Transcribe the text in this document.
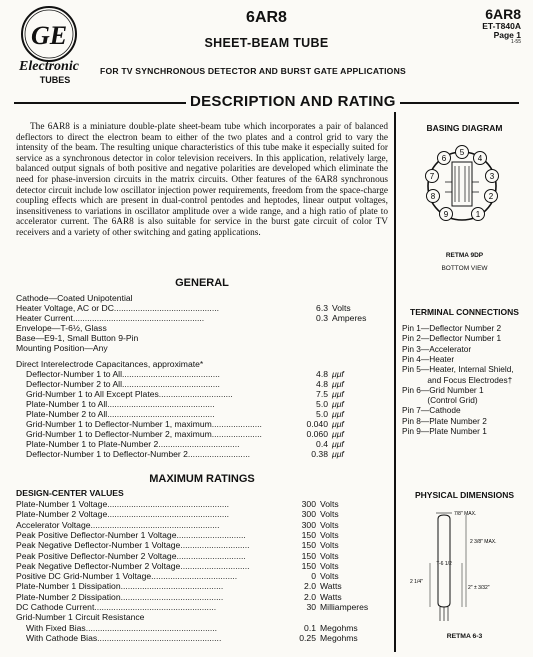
GE
Electronic
TUBES
6AR8
SHEET-BEAM TUBE
FOR TV SYNCHRONOUS DETECTOR AND BURST GATE APPLICATIONS
6AR8
ET-T840A
Page 1
1-55
DESCRIPTION AND RATING
The 6AR8 is a miniature double-plate sheet-beam tube which incorporates a pair of balanced deflectors to direct the electron beam to either of the two plates and a control grid to vary the intensity of the beam. The resulting unique characteristics of this tube make it especially suited for service as a synchronous detector in color television receivers. In this application, relatively large, balanced output signals of both positive and negative polarities are developed which eliminate the need for phase-inversion circuits in the matrix circuits. Other features of the 6AR8 synchronous detector circuit include low oscillator injection power requirements, freedom from the space-charge coupling effects which are present in dual-control pentodes and heptodes, linear output voltages, insensitiveness to variations in oscillator amplitude over a wide range, and a high ratio of plate to accelerator current. The 6AR8 is also suitable for service in the burst gate circuit of color TV receivers and a variety of other switching and gating applications.
GENERAL
Cathode—Coated Unipotential
Heater Voltage, AC or DC............................................	6.3 Volts
Heater Current.......................................................	0.3 Amperes
Envelope—T-6½, Glass
Base—E9-1, Small Button 9-Pin
Mounting Position—Any
Direct Interelectrode Capacitances, approximate*
Deflector-Number 1 to All.........................................	4.8 μμf
Deflector-Number 2 to All.........................................	4.8 μμf
Grid-Number 1 to All Except Plates...............................	7.5 μμf
Plate-Number 1 to All.............................................	5.0 μμf
Plate-Number 2 to All.............................................	5.0 μμf
Grid-Number 1 to Deflector-Number 1, maximum.....................	0.040 μμf
Grid-Number 1 to Deflector-Number 2, maximum.....................	0.060 μμf
Plate-Number 1 to Plate-Number 2..................................	0.4 μμf
Deflector-Number 1 to Deflector-Number 2..........................	0.38 μμf
MAXIMUM RATINGS
DESIGN-CENTER VALUES
Plate-Number 1 Voltage...................................................	300 Volts
Plate-Number 2 Voltage...................................................	300 Volts
Accelerator Voltage......................................................	300 Volts
Peak Positive Deflector-Number 1 Voltage.............................	150 Volts
Peak Negative Deflector-Number 1 Voltage.............................	150 Volts
Peak Positive Deflector-Number 2 Voltage.............................	150 Volts
Peak Negative Deflector-Number 2 Voltage.............................	150 Volts
Positive DC Grid-Number 1 Voltage....................................	0 Volts
Plate-Number 1 Dissipation...........................................	2.0 Watts
Plate-Number 2 Dissipation...........................................	2.0 Watts
DC Cathode Current...................................................	30 Milliamperes
Grid-Number 1 Circuit Resistance
With Fixed Bias.......................................................	0.1 Megohms
With Cathode Bias....................................................	0.25 Megohms
BASING DIAGRAM
1
2
3
4
5
6
7
8
9
RETMA 9DP
BOTTOM VIEW
TERMINAL CONNECTIONS
Pin 1—Deflector Number 2
Pin 2—Deflector Number 1
Pin 3—Accelerator
Pin 4—Heater
Pin 5—Heater, Internal Shield,
and Focus Electrodes†
Pin 6—Grid Number 1
(Control Grid)
Pin 7—Cathode
Pin 8—Plate Number 2
Pin 9—Plate Number 1
PHYSICAL DIMENSIONS
7/8" MAX.
T-6 1/2
2 3/8" MAX.
2" ± 3/32"
2 1/4"
RETMA 6-3
